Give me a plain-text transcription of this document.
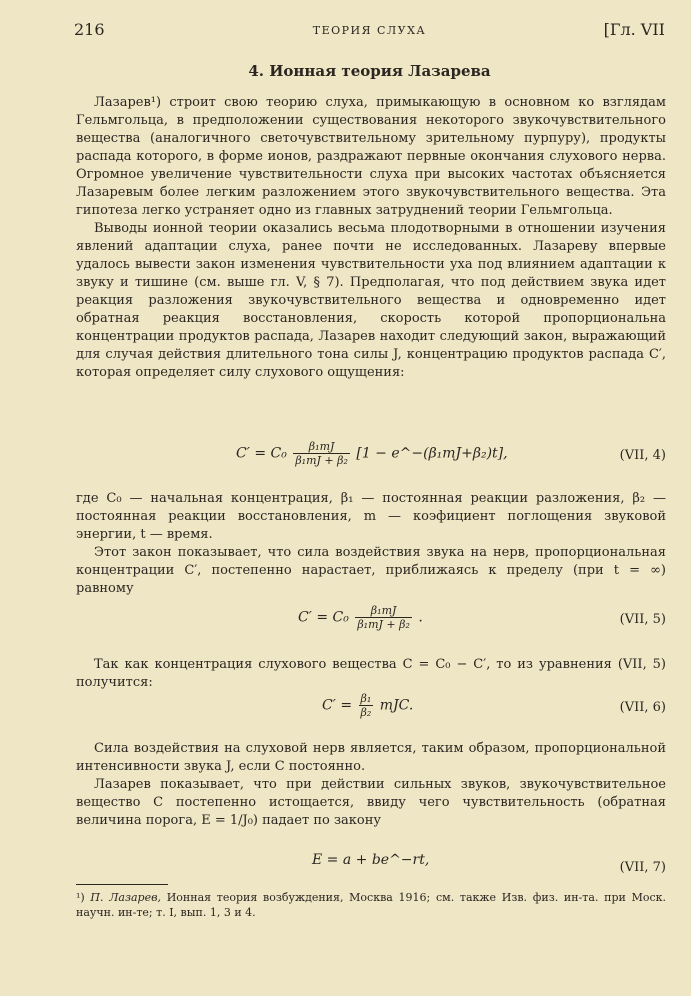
216	ТЕОРИЯ СЛУХА	[Гл. VII
4. Ионная теория Лазарева

Лазарев¹) строит свою теорию слуха, примыкающую в основном ко взглядам Гельмгольца, в предположении существования некоторого звукочувствительного вещества (аналогичного светочувствительному зрительному пурпуру), продукты распада которого, в форме ионов, раздражают первные окончания слухового нерва. Огромное увеличение чувствительности слуха при высоких частотах объясняется Лазаревым более легким разложением этого звукочувствительного вещества. Эта гипотеза легко устраняет одно из главных затруднений теории Гельмгольца.

Выводы ионной теории оказались весьма плодотворными в отношении изучения явлений адаптации слуха, ранее почти не исследованных. Лазареву впервые удалось вывести закон изменения чувствительности уха под влиянием адаптации к звуку и тишине (см. выше гл. V, § 7). Предполагая, что под действием звука идет реакция разложения звукочувствительного вещества и одновременно идет обратная реакция восстановления, скорость которой пропорциональна концентрации продуктов распада, Лазарев находит следующий закон, выражающий для случая действия длительного тона силы J, концентрацию продуктов распада C′, которая определяет силу слухового ощущения:

$C' = C_0 \frac{\text{β₁mJ}}{\text{β₁mJ + β₂}} [1$ − e^−(β₁mJ+β₂)t],	(VII, 4)

где C₀ — начальная концентрация, β₁ — постоянная реакции разложения, β₂ — постоянная реакции восстановления, m — коэфициент поглощения звуковой энергии, t — время.

Этот закон показывает, что сила воздействия звука на нерв, пропорциональная концентрации C′, постепенно нарастает, приближаясь к пределу (при t = ∞) равному

$C' = C_0 \frac{\text{β₁mJ}}{\text{β₁mJ + β₂}}$ .	(VII, 5)

Так как концентрация слухового вещества C = C₀ − C′, то из уравнения (VII, 5) получится:

$C' = \frac{\text{β₁}}{\text{β₂}}$ mJC.	(VII, 6)

Сила воздействия на слуховой нерв является, таким образом, пропорциональной интенсивности звука J, если C постоянно.

Лазарев показывает, что при действии сильных звуков, звукочувствительное вещество C постепенно истощается, ввиду чего чувствительность (обратная величина порога, E = 1/J₀) падает по закону

E = a + be^−rt,	(VII, 7)
¹) П. Лазарев, Ионная теория возбуждения, Москва 1916; см. также Изв. физ. ин-та. при Моск. научн. ин-те; т. I, вып. 1, 3 и 4.
